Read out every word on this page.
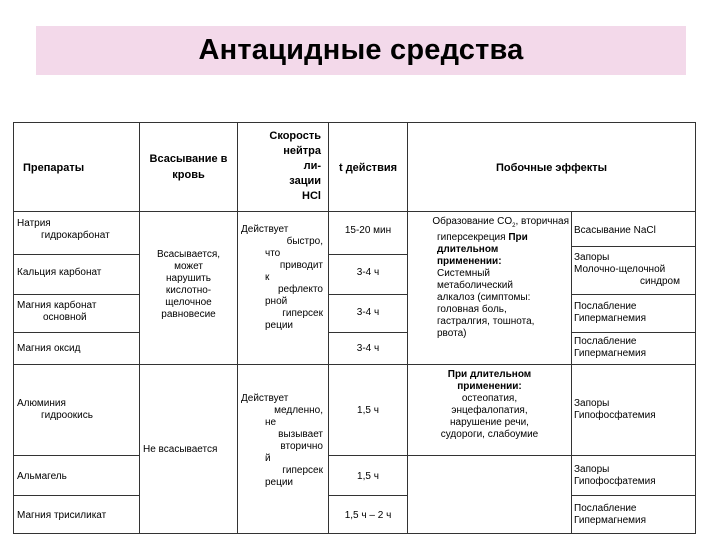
Антацидные средства
Препараты
Всасывание в
кровь
Скорость
нейтра
ли-
зации
HCl
t действия	Побочные эффекты
Натрия
гидрокарбонат
Кальция карбонат
Магния карбонат
основной
Магния оксид
Алюминия
гидроокись
Альмагель
Магния трисиликат
Всасывается,
может
нарушить
кислотно-
щелочное
равновесие
Не всасывается
Действует
быстро,
что
приводит
к
рефлекто
рной
гиперсек
реции
Действует
медленно,
не
вызывает
вторично
й
гиперсек
реции
15-20 мин
3-4 ч
3-4 ч
3-4 ч
1,5 ч
1,5 ч
1,5 ч – 2 ч
Образование $CO_2$, вторичная
гиперсекреция При
длительном
применении:
Системный
метаболический
алкалоз (симптомы:
головная боль,
гастралгия, тошнота,
рвота)
При длительном
применении:
остеопатия,
энцефалопатия,
нарушение речи,
судороги, слабоумие
Всасывание NaCl
Запоры
Молочно-щелочной
синдром
Послабление
Гипермагнемия
Послабление
Гипермагнемия
Запоры
Гипофосфатемия
Запоры
Гипофосфатемия
Послабление
Гипермагнемия
